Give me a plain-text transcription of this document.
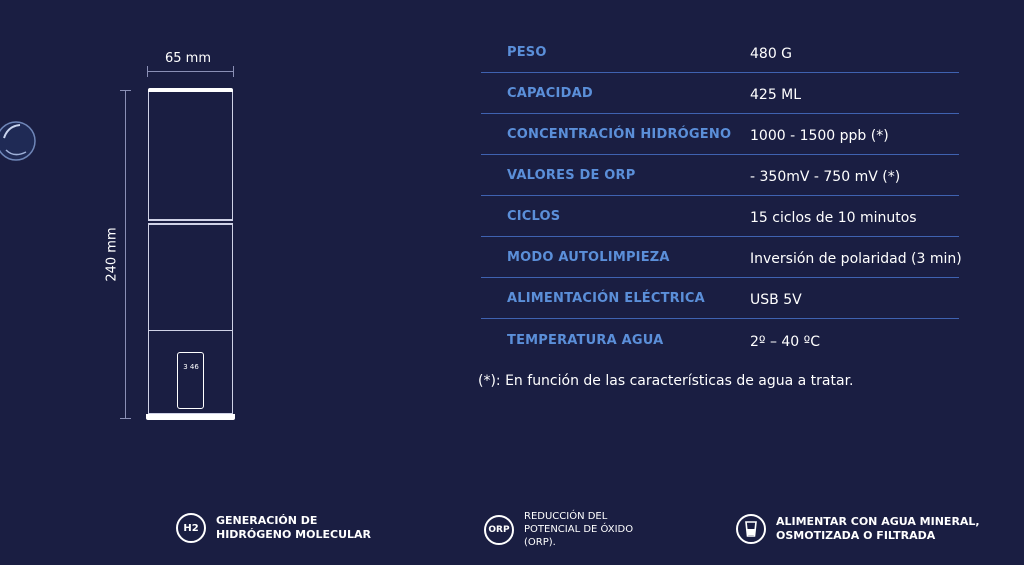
65 mm
240 mm
3 46
PESO	480 G
CAPACIDAD	425 ML
CONCENTRACIÓN HIDRÓGENO 1000 - 1500 ppb (*)
VALORES DE ORP	- 350mV - 750 mV (*)
CICLOS	15 ciclos de 10 minutos
MODO AUTOLIMPIEZA	Inversión de polaridad (3 min)
ALIMENTACIÓN ELÉCTRICA	USB 5V
TEMPERATURA AGUA	2º – 40 ºC
(*): En función de las características de agua a tratar.
H2
GENERACIÓN DE
HIDRÓGENO MOLECULAR	ORP
REDUCCIÓN DEL
POTENCIAL DE ÓXIDO
(ORP).
ALIMENTAR CON AGUA MINERAL,
OSMOTIZADA O FILTRADA
